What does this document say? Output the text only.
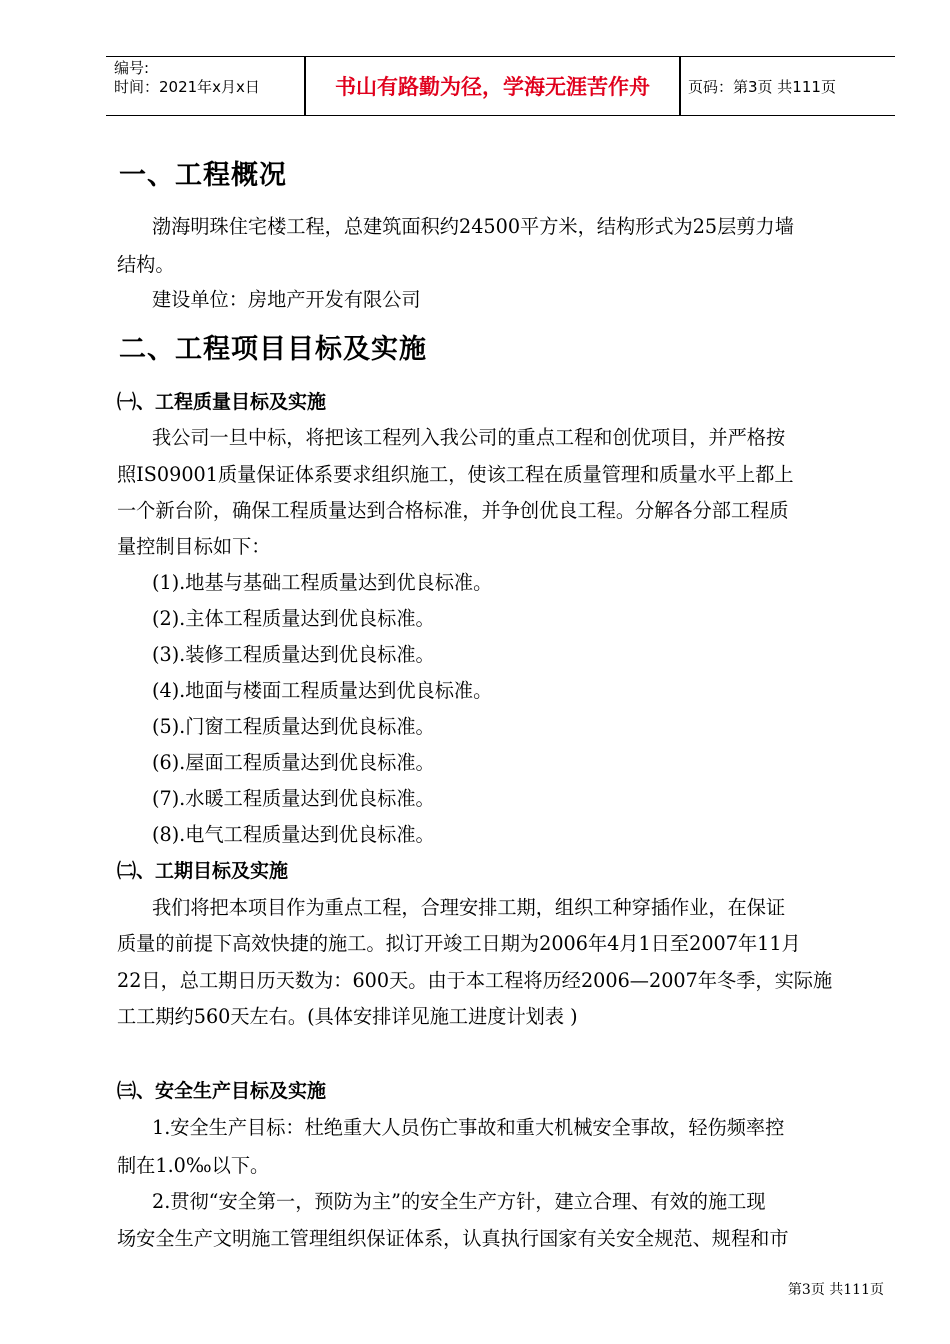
编号:
时间：2021年x月x日	书山有路勤为径，学海无涯苦作舟	页码：第3页 共111页
一、工程概况
渤海明珠住宅楼工程，总建筑面积约24500平方米，结构形式为25层剪力墙
结构。
建设单位：房地产开发有限公司
二、工程项目目标及实施
㈠、工程质量目标及实施
我公司一旦中标，将把该工程列入我公司的重点工程和创优项目，并严格按
照IS09001质量保证体系要求组织施工，使该工程在质量管理和质量水平上都上
一个新台阶，确保工程质量达到合格标准，并争创优良工程。分解各分部工程质
量控制目标如下：
(1).地基与基础工程质量达到优良标准。
(2).主体工程质量达到优良标准。
(3).装修工程质量达到优良标准。
(4).地面与楼面工程质量达到优良标准。
(5).门窗工程质量达到优良标准。
(6).屋面工程质量达到优良标准。
(7).水暖工程质量达到优良标准。
(8).电气工程质量达到优良标准。
㈡、工期目标及实施
我们将把本项目作为重点工程，合理安排工期，组织工种穿插作业，在保证
质量的前提下高效快捷的施工。拟订开竣工日期为2006年4月1日至2007年11月
22日，总工期日历天数为：600天。由于本工程将历经2006—2007年冬季，实际施
工工期约560天左右。(具体安排详见施工进度计划表 )
㈢、安全生产目标及实施
1.安全生产目标：杜绝重大人员伤亡事故和重大机械安全事故，轻伤频率控
制在1.0‰以下。
2.贯彻“安全第一，预防为主”的安全生产方针，建立合理、有效的施工现
场安全生产文明施工管理组织保证体系，认真执行国家有关安全规范、规程和市
第3页 共111页
